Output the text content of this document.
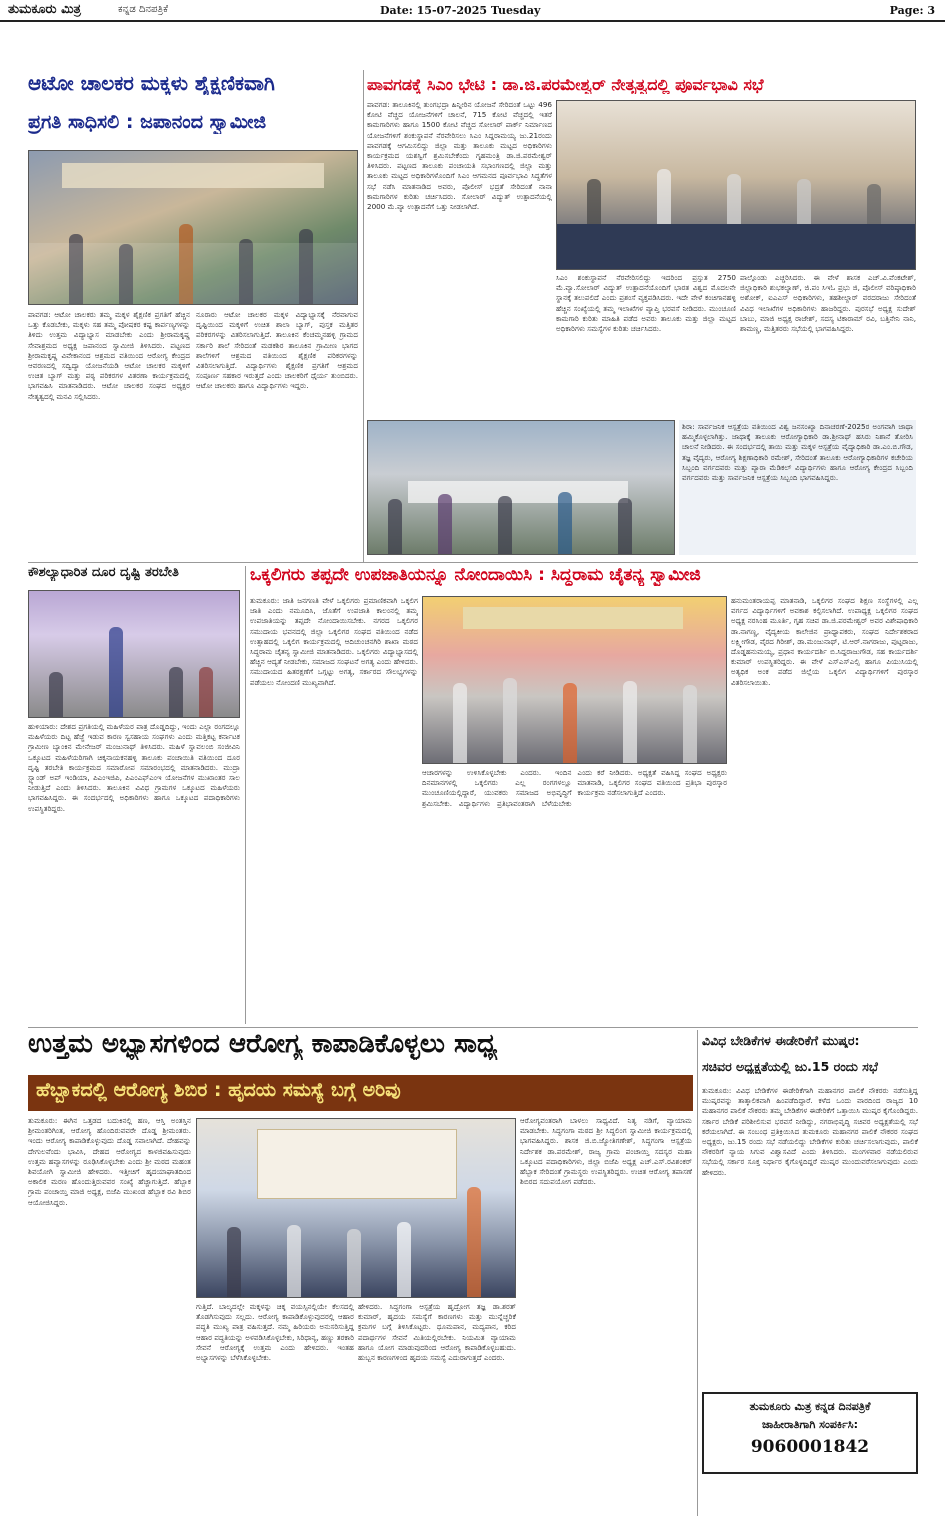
ತುಮಕೂರು ಮಿತ್ರ	ಕನ್ನಡ ದಿನಪತ್ರಿಕೆ	Date: 15-07-2025 Tuesday	Page: 3
ಆಟೋ ಚಾಲಕರ ಮಕ್ಕಳು ಶೈಕ್ಷಣಿಕವಾಗಿ
ಪ್ರಗತಿ ಸಾಧಿಸಲಿ : ಜಪಾನಂದ ಸ್ವಾಮೀಜಿ
ಪಾವಗಡ: ಆಟೋ ಚಾಲಕರು ತಮ್ಮ ಮಕ್ಕಳ ಶೈಕ್ಷಣಿಕ ಪ್ರಗತಿಗೆ ಹೆಚ್ಚಿನ ಒತ್ತು ಕೊಡಬೇಕು, ಮಕ್ಕಳು ಸಹ ತಮ್ಮ ಪೋಷಕರ ಕಷ್ಟ ಕಾರ್ಪಣ್ಯಗಳನ್ನು ತಿಳಿದು ಉತ್ತಮ ವಿದ್ಯಾಭ್ಯಾಸ ಮಾಡಬೇಕು ಎಂದು ಶ್ರೀರಾಮಕೃಷ್ಣ ಸೇವಾಶ್ರಮದ ಅಧ್ಯಕ್ಷ ಜಪಾನಂದ ಸ್ವಾಮೀಜಿ ತಿಳಿಸಿದರು. ಪಟ್ಟಣದ ಶ್ರೀರಾಮಕೃಷ್ಣ ವಿವೇಕಾನಂದ ಆಶ್ರಮದ ವತಿಯಿಂದ ಆರೋಗ್ಯ ಕೇಂದ್ರದ ಆವರಣದಲ್ಲಿ ಸದ್ವಿದ್ಯಾ ಯೋಜನೆಯಡಿ ಆಟೋ ಚಾಲಕರ ಮಕ್ಕಳಿಗೆ ಉಚಿತ ಬ್ಯಾಗ್ ಮತ್ತು ಪಠ್ಯ ಪರಿಕರಗಳ ವಿತರಣಾ ಕಾರ್ಯಕ್ರಮದಲ್ಲಿ ಭಾಗವಹಿಸಿ ಮಾತನಾಡಿದರು. ಆಟೋ ಚಾಲಕರ ಸಂಘದ ಅಧ್ಯಕ್ಷರ ನೇತೃತ್ವದಲ್ಲಿ ಮನವಿ ಸಲ್ಲಿಸಿದರು.
ನೂರಾರು ಆಟೋ ಚಾಲಕರ ಮಕ್ಕಳ ವಿದ್ಯಾಭ್ಯಾಸಕ್ಕೆ ನೆರವಾಗುವ ದೃಷ್ಟಿಯಿಂದ ಮಕ್ಕಳಿಗೆ ಉಚಿತ ಶಾಲಾ ಬ್ಯಾಗ್, ಪುಸ್ತಕ ಮತ್ತಿತರ ಪರಿಕರಗಳನ್ನು ವಿತರಿಸಲಾಗುತ್ತಿದೆ. ತಾಲೂಕಿನ ಕೆಂಚಮ್ಮನಹಳ್ಳಿ ಗ್ರಾಮದ ಸರ್ಕಾರಿ ಶಾಲೆ ಸೇರಿದಂತೆ ಮಡಕಶಿರ ತಾಲೂಕಿನ ಗ್ರಾಮೀಣ ಭಾಗದ ಶಾಲೆಗಳಿಗೆ ಆಶ್ರಮದ ವತಿಯಿಂದ ಶೈಕ್ಷಣಿಕ ಪರಿಕರಗಳನ್ನು ವಿತರಿಸಲಾಗುತ್ತಿದೆ. ವಿದ್ಯಾರ್ಥಿಗಳು ಶೈಕ್ಷಣಿಕ ಪ್ರಗತಿಗೆ ಆಶ್ರಮದ ಸಂಪೂರ್ಣ ಸಹಕಾರ ಇರುತ್ತದೆ ಎಂದು ಚಾಲಕರಿಗೆ ಧೈರ್ಯ ತುಂಬಿದರು. ಆಟೋ ಚಾಲಕರು ಹಾಗೂ ವಿದ್ಯಾರ್ಥಿಗಳು ಇದ್ದರು.
ಪಾವಗಡಕ್ಕೆ ಸಿಎಂ ಭೇಟಿ : ಡಾ.ಜಿ.ಪರಮೇಶ್ವರ್ ನೇತೃತ್ವದಲ್ಲಿ ಪೂರ್ವಭಾವಿ ಸಭೆ
ಪಾವಗಡ: ತಾಲೂಕಿನಲ್ಲಿ ತುಂಗಭದ್ರಾ ಹಿನ್ನೀರಿನ ಯೋಜನೆ ಸೇರಿದಂತೆ ಒಟ್ಟು 496 ಕೋಟಿ ವೆಚ್ಚದ ಯೋಜನೆಗಳಿಗೆ ಚಾಲನೆ, 715 ಕೋಟಿ ವೆಚ್ಚದಲ್ಲಿ ಇತರೆ ಕಾಮಗಾರಿಗಳು ಹಾಗೂ 1500 ಕೋಟಿ ವೆಚ್ಚದ ಸೋಲಾರ್ ಪಾರ್ಕ್ ನಿರ್ಮಾಣದ ಯೋಜನೆಗಳಿಗೆ ಶಂಕುಸ್ಥಾಪನೆ ನೆರವೇರಿಸಲು ಸಿಎಂ ಸಿದ್ದರಾಮಯ್ಯ ಜು.21ರಂದು ಪಾವಗಡಕ್ಕೆ ಆಗಮಿಸಲಿದ್ದು ಜಿಲ್ಲಾ ಮತ್ತು ತಾಲೂಕು ಮಟ್ಟದ ಅಧಿಕಾರಿಗಳು ಕಾರ್ಯಕ್ರಮದ ಯಶಸ್ವಿಗೆ ಶ್ರಮಿಸಬೇಕೆಂದು ಗೃಹಮಂತ್ರಿ ಡಾ.ಜಿ.ಪರಮೇಶ್ವರ್ ತಿಳಿಸಿದರು. ಪಟ್ಟಣದ ತಾಲೂಕು ಪಂಚಾಯತಿ ಸಭಾಂಗಣದಲ್ಲಿ ಜಿಲ್ಲಾ ಮತ್ತು ತಾಲೂಕು ಮಟ್ಟದ ಅಧಿಕಾರಿಗಳೊಂದಿಗೆ ಸಿಎಂ ಆಗಮನದ ಪೂರ್ವಭಾವಿ ಸಿದ್ಧತೆಗಳ ಸಭೆ ನಡೆಸಿ ಮಾತನಾಡಿದ ಅವರು, ಪೊಲೀಸ್ ಭದ್ರತೆ ಸೇರಿದಂತೆ ನಾನಾ ಕಾಮಗಾರಿಗಳ ಕುರಿತು ಚರ್ಚಿಸಿದರು. ಸೋಲಾರ್ ವಿದ್ಯುತ್ ಉತ್ಪಾದನೆಯಲ್ಲಿ 2000 ಮೆ.ವ್ಯಾ ಉತ್ಪಾದನೆಗೆ ಒತ್ತು ನೀಡಲಾಗಿದೆ.
ಸಿಎಂ ಶಂಕುಸ್ಥಾಪನೆ ನೆರವೇರಿಸಲಿದ್ದು ಇದರಿಂದ ಪ್ರಸ್ತುತ 2750 ಮೆ.ವ್ಯಾ.ಸೋಲಾರ್ ವಿದ್ಯುತ್ ಉತ್ಪಾದನೆಯೊಂದಿಗೆ ಭಾರತ ವಿಶ್ವದ ಮೊದಲನೇ ಸ್ಥಾನಕ್ಕೆ ತಲುಪಲಿದೆ ಎಂದು ಪ್ರಶಂಸೆ ವ್ಯಕ್ತಪಡಿಸಿದರು. ಇದೇ ವೇಳೆ ಕಂಚಿಗಾನಹಳ್ಳಿ ಹೆಚ್ಚಿನ ಸಂಖ್ಯೆಯಲ್ಲಿ ತಮ್ಮ ಇಲಾಖೆಗಳ ವ್ಯಾಪ್ತಿ ಭರವಸೆ ನೀಡಿದರು. ಮುಂಚೂಣಿ ಕಾಮಗಾರಿ ಕುರಿತು ಮಾಹಿತಿ ಪಡೆದ ಅವರು ತಾಲೂಕು ಮತ್ತು ಜಿಲ್ಲಾ ಮಟ್ಟದ ಅಧಿಕಾರಿಗಳು ಸಮಸ್ಯೆಗಳ ಕುರಿತು ಚರ್ಚಿಸಿದರು.
ಪಾಲ್ಗೊಂಡು ಎಚ್ಚರಿಸಿದರು. ಈ ವೇಳೆ ಶಾಸಕ ಎಚ್.ವಿ.ವೆಂಕಟೇಶ್, ಜಿಲ್ಲಾಧಿಕಾರಿ ಶುಭಕಲ್ಯಾಣ್, ಜಿ.ಪಂ ಸಿಇಓ ಪ್ರಭು ಜಿ, ಪೊಲೀಸ್ ವರಿಷ್ಠಾಧಿಕಾರಿ ಅಶೋಕ್, ಐಎಎಸ್ ಅಧಿಕಾರಿಗಳು, ತಹಶೀಲ್ದಾರ್ ವರದರಾಜು ಸೇರಿದಂತೆ ವಿವಿಧ ಇಲಾಖೆಗಳ ಅಧಿಕಾರಿಗಳು ಹಾಜರಿದ್ದರು. ಪುರಸಭೆ ಅಧ್ಯಕ್ಷ ಸುದೇಶ್ ಬಾಬು, ಮಾಜಿ ಅಧ್ಯಕ್ಷ ರಾಜೇಶ್, ಸದಸ್ಯ ಟಿಕಾರಾಮ್ ರವಿ, ಬತ್ತಿನೇನಿ ನಾನಿ, ಶಾಮಣ್ಣ, ಮತ್ತಿತರರು ಸಭೆಯಲ್ಲಿ ಭಾಗವಹಿಸಿದ್ದರು.
ಶಿರಾ: ಸಾರ್ವಜನಿಕ ಆಸ್ಪತ್ರೆಯ ವತಿಯಿಂದ ವಿಶ್ವ ಜನಸಂಖ್ಯಾ ದಿನಾಚರಣೆ-2025ರ ಅಂಗವಾಗಿ ಜಾಥಾ ಹಮ್ಮಿಕೊಳ್ಳಲಾಗಿತ್ತು. ಜಾಥಾಕ್ಕೆ ತಾಲೂಕು ಆರೋಗ್ಯಾಧಿಕಾರಿ ಡಾ.ಶ್ರೀನಾಥ್ ಹಸಿರು ನಿಶಾನೆ ತೋರಿಸಿ ಚಾಲನೆ ನೀಡಿದರು. ಈ ಸಂದರ್ಭದಲ್ಲಿ ತಾಯಿ ಮತ್ತು ಮಕ್ಕಳ ಆಸ್ಪತ್ರೆಯ ವೈದ್ಯಾಧಿಕಾರಿ ಡಾ.ಎಂ.ಬಿ.ಗೌಡ, ತಜ್ಞ ವೈದ್ಯರು, ಆರೋಗ್ಯ ಶಿಕ್ಷಣಾಧಿಕಾರಿ ರಮೇಶ್, ಸೇರಿದಂತೆ ತಾಲೂಕು ಆರೋಗ್ಯಾಧಿಕಾರಿಗಳ ಕಚೇರಿಯ ಸಿಬ್ಬಂದಿ ವರ್ಗದವರು ಮತ್ತು ಪ್ಯಾರಾ ಮೆಡಿಕಲ್ ವಿದ್ಯಾರ್ಥಿಗಳು ಹಾಗೂ ಆರೋಗ್ಯ ಕೇಂದ್ರದ ಸಿಬ್ಬಂದಿ ವರ್ಗದವರು ಮತ್ತು ಸಾರ್ವಜನಿಕ ಆಸ್ಪತ್ರೆಯ ಸಿಬ್ಬಂದಿ ಭಾಗವಹಿಸಿದ್ದರು.
ಕೌಶಲ್ಯಾಧಾರಿತ ದೂರ ದೃಷ್ಟಿ ತರಬೇತಿ
ಹುಳಿಯಾರು: ದೇಶದ ಪ್ರಗತಿಯಲ್ಲಿ ಮಹಿಳೆಯರ ಪಾತ್ರ ದೊಡ್ಡದಿದ್ದು, ಇಂದು ಎಲ್ಲಾ ರಂಗದಲ್ಲೂ ಮಹಿಳೆಯರು ದಿಟ್ಟ ಹೆಜ್ಜೆ ಇಡುವ ಕಾರಣ ಸ್ವಸಹಾಯ ಸಂಘಗಳು ಎಂದು ಮತ್ತಿಕಟ್ಟ ಕರ್ನಾಟಕ ಗ್ರಾಮೀಣ ಬ್ಯಾಂಕಿನ ಮೇನೇಜರ್ ಮಂಜುನಾಥ್ ತಿಳಿಸಿದರು. ಮಹಿಳೆ ಸ್ವಾವಲಂಬಿ ಸಂಜೀವಿನಿ ಒಕ್ಕೂಟದ ಮಹಿಳೆಯರಿಗಾಗಿ ಚಿಕ್ಕನಾಯಕನಹಳ್ಳಿ ತಾಲೂಕು ಪಂಚಾಯಿತಿ ವತಿಯಿಂದ ದೂರ ದೃಷ್ಟಿ ತರಬೇತಿ ಕಾರ್ಯಕ್ರಮದ ಸಮಾರೋಪ ಸಮಾರಂಭದಲ್ಲಿ ಮಾತನಾಡಿದರು. ಮುದ್ರಾ ಸ್ಟ್ಯಾಂಡ್ ಅಪ್ ಇಂಡಿಯಾ, ಪಿಎಂಇಜಿಪಿ, ಪಿಎಂಎಫ್ಎಂಇ ಯೋಜನೆಗಳ ಮುಖಾಂತರ ಸಾಲ ನೀಡುತ್ತಿದೆ ಎಂದು ತಿಳಿಸಿದರು. ತಾಲೂಕಿನ ವಿವಿಧ ಗ್ರಾಮಗಳ ಒಕ್ಕೂಟದ ಮಹಿಳೆಯರು ಭಾಗವಹಿಸಿದ್ದರು. ಈ ಸಂದರ್ಭದಲ್ಲಿ ಅಧಿಕಾರಿಗಳು ಹಾಗೂ ಒಕ್ಕೂಟದ ಪದಾಧಿಕಾರಿಗಳು ಉಪಸ್ಥಿತರಿದ್ದರು.
ಒಕ್ಕಲಿಗರು ತಪ್ಪದೇ ಉಪಜಾತಿಯನ್ನೂ ನೋಂದಾಯಿಸಿ : ಸಿದ್ಧರಾಮ ಚೈತನ್ಯ ಸ್ವಾಮೀಜಿ
ತುಮಕೂರು: ಜಾತಿ ಜನಗಣತಿ ವೇಳೆ ಒಕ್ಕಲಿಗರು ಪ್ರಮಾಣಿಕವಾಗಿ ಒಕ್ಕಲಿಗ ಜಾತಿ ಎಂದು ನಮೂದಿಸಿ, ಜೊತೆಗೆ ಉಪಜಾತಿ ಕಾಲಂನಲ್ಲಿ ತಮ್ಮ ಉಪಜಾತಿಯನ್ನು ತಪ್ಪದೇ ನೋಂದಾಯಿಸಬೇಕು. ನಗರದ ಒಕ್ಕಲಿಗರ ಸಮುದಾಯ ಭವನದಲ್ಲಿ ಜಿಲ್ಲಾ ಒಕ್ಕಲಿಗರ ಸಂಘದ ವತಿಯಿಂದ ನಡೆದ ಉತ್ಸಾಹದಲ್ಲಿ ಒಕ್ಕಲಿಗ ಕಾರ್ಯಕ್ರಮದಲ್ಲಿ ಆದಿಚುಂಚನಗಿರಿ ಶಾಖಾ ಮಠದ ಸಿದ್ಧರಾಮ ಚೈತನ್ಯ ಸ್ವಾಮೀಜಿ ಮಾತನಾಡಿದರು. ಒಕ್ಕಲಿಗರು ವಿದ್ಯಾಭ್ಯಾಸದಲ್ಲಿ ಹೆಚ್ಚಿನ ಆದ್ಯತೆ ನೀಡಬೇಕು, ಸಮಾಜದ ಸಂಘಟನೆ ಅಗತ್ಯ ಎಂದು ಹೇಳಿದರು. ಸಮುದಾಯದ ಹಿತರಕ್ಷಣೆಗೆ ಒಗ್ಗಟ್ಟು ಅಗತ್ಯ, ಸರ್ಕಾರದ ಸೌಲಭ್ಯಗಳನ್ನು ಪಡೆಯಲು ನೋಂದಣಿ ಮುಖ್ಯವಾಗಿದೆ.
ಆಚಾರಗಳನ್ನು ಉಳಿಸಿಕೊಳ್ಳಬೇಕು ಎಂದರು. ಇಂದಿನ ದಿನಮಾನಗಳಲ್ಲಿ ಒಕ್ಕಲಿಗರು ಎಲ್ಲ ರಂಗಗಳಲ್ಲೂ ಮುಂಚೂಣಿಯಲ್ಲಿದ್ದಾರೆ, ಯುವಕರು ಸಮಾಜದ ಅಭಿವೃದ್ಧಿಗೆ ಶ್ರಮಿಸಬೇಕು. ವಿದ್ಯಾರ್ಥಿಗಳು ಪ್ರತಿಭಾವಂತರಾಗಿ ಬೆಳೆಯಬೇಕು ಎಂದು ಕರೆ ನೀಡಿದರು. ಅಧ್ಯಕ್ಷತೆ ವಹಿಸಿದ್ದ ಸಂಘದ ಅಧ್ಯಕ್ಷರು ಮಾತನಾಡಿ, ಒಕ್ಕಲಿಗರ ಸಂಘದ ವತಿಯಿಂದ ಪ್ರತಿಭಾ ಪುರಸ್ಕಾರ ಕಾರ್ಯಕ್ರಮ ನಡೆಸಲಾಗುತ್ತಿದೆ ಎಂದರು.
ಹನುಮಂತರಾಯಪ್ಪ ಮಾತನಾಡಿ, ಒಕ್ಕಲಿಗರ ಸಂಘದ ಶಿಕ್ಷಣ ಸಂಸ್ಥೆಗಳಲ್ಲಿ ಎಲ್ಲ ವರ್ಗದ ವಿದ್ಯಾರ್ಥಿಗಳಿಗೆ ಅವಕಾಶ ಕಲ್ಪಿಸಲಾಗಿದೆ. ಉಪಾಧ್ಯಕ್ಷ ಒಕ್ಕಲಿಗರ ಸಂಘದ ಅಧ್ಯಕ್ಷ ನರಸಿಂಹ ಮೂರ್ತಿ, ಗೃಹ ಸಚಿವ ಡಾ.ಜಿ.ಪರಮೇಶ್ವರ್ ಅವರ ವಿಶೇಷಾಧಿಕಾರಿ ಡಾ.ನಾಗಣ್ಣ, ವೈದ್ಯಕೀಯ ಕಾಲೇಜಿನ ಪ್ರಾಧ್ಯಾಪಕರು, ಸಂಘದ ನಿರ್ದೇಶಕರಾದ ಲಕ್ಷ್ಮೀಗೌಡ, ವೈರದ ಗಿರೀಶ್, ಡಾ.ಮಂಜುನಾಥ್, ಟಿ.ಆರ್.ನಾಗರಾಜು, ಪುಟ್ಟರಾಜು, ದೊಡ್ಡಹನುಮಯ್ಯ, ಪ್ರಧಾನ ಕಾರ್ಯದರ್ಶಿ ಬಿ.ಸಿದ್ದರಾಜುಗೌಡ, ಸಹ ಕಾರ್ಯದರ್ಶಿ ಕುಮಾರ್ ಉಪಸ್ಥಿತರಿದ್ದರು. ಈ ವೇಳೆ ಎಸ್ಎಸ್ಎಲ್ಸಿ ಹಾಗೂ ಪಿಯುಸಿಯಲ್ಲಿ ಅತ್ಯಧಿಕ ಅಂಕ ಪಡೆದ ಜಿಲ್ಲೆಯ ಒಕ್ಕಲಿಗ ವಿದ್ಯಾರ್ಥಿಗಳಿಗೆ ಪುರಸ್ಕಾರ ವಿತರಿಸಲಾಯಿತು.
ಉತ್ತಮ ಅಭ್ಯಾಸಗಳಿಂದ ಆರೋಗ್ಯ ಕಾಪಾಡಿಕೊಳ್ಳಲು ಸಾಧ್ಯ
ಹೆಬ್ಬಾಕದಲ್ಲಿ ಆರೋಗ್ಯ ಶಿಬಿರ : ಹೃದಯ ಸಮಸ್ಯೆ ಬಗ್ಗೆ ಅರಿವು
ತುಮಕೂರು: ಈಗಿನ ಒತ್ತಡದ ಬದುಕಿನಲ್ಲಿ ಹಣ, ಆಸ್ತಿ ಅಂತಸ್ತಿನ ಶ್ರೀಮಂತರಿಗಿಂತ, ಆರೋಗ್ಯ ಹೊಂದಿರುವವರೇ ದೊಡ್ಡ ಶ್ರೀಮಂತರು. ಇಂದು ಆರೋಗ್ಯ ಕಾಪಾಡಿಕೊಳ್ಳುವುದು ದೊಡ್ಡ ಸವಾಲಾಗಿದೆ. ದೇಹವನ್ನು ದೇಗುಲವೆಂದು ಭಾವಿಸಿ, ದೇಹದ ಆರೋಗ್ಯದ ಕಾಳಜಿವಹಿಸುವುದು ಉತ್ತಮ ಹವ್ಯಾಸಗಳನ್ನು ರೂಢಿಸಿಕೊಳ್ಳಬೇಕು ಎಂದು ಶ್ರೀ ಮಠದ ಮಹಂತ ಶಿವಯೋಗಿ ಸ್ವಾಮೀಜಿ ಹೇಳಿದರು. ಇತ್ತೀಚಿಗೆ ಹೃದಯಾಘಾತದಿಂದ ಅಕಾಲಿಕ ಮರಣ ಹೊಂದುತ್ತಿರುವವರ ಸಂಖ್ಯೆ ಹೆಚ್ಚಾಗುತ್ತಿದೆ. ಹೆಬ್ಬಾಕ ಗ್ರಾಮ ಪಂಚಾಯ್ತಿ ಮಾಜಿ ಅಧ್ಯಕ್ಷ, ಬಿಜೆಪಿ ಮುಖಂಡ ಹೆಬ್ಬಾಕ ರವಿ ಶಿಬಿರ ಆಯೋಜಿಸಿದ್ದರು.
ಗುತ್ತಿದೆ. ಬಾಲ್ಯದಲ್ಲೇ ಮಕ್ಕಳನ್ನು ಚಿಕ್ಕ ವಯಸ್ಸಿನಲ್ಲಿಯೇ ಕೆಲಸದಲ್ಲಿ ತೊಡಗಿಸುವುದು ಸಲ್ಲದು. ಆರೋಗ್ಯ ಕಾಪಾಡಿಕೊಳ್ಳುವುದರಲ್ಲಿ ಆಹಾರ ಪದ್ಧತಿ ಮುಖ್ಯ ಪಾತ್ರ ವಹಿಸುತ್ತದೆ. ನಮ್ಮ ಹಿರಿಯರು ಅನುಸರಿಸುತ್ತಿದ್ದ ಆಹಾರ ಪದ್ಧತಿಯನ್ನು ಅಳವಡಿಸಿಕೊಳ್ಳಬೇಕು, ಸಿರಿಧಾನ್ಯ, ಹಣ್ಣು ತರಕಾರಿ ಸೇವನೆ ಆರೋಗ್ಯಕ್ಕೆ ಉತ್ತಮ ಎಂದು ಹೇಳಿದರು. ಇಂತಹ ಅಭ್ಯಾಸಗಳನ್ನು ಬೆಳೆಸಿಕೊಳ್ಳಬೇಕು.
ಹೇಳಿದರು. ಸಿದ್ಧಗಂಗಾ ಆಸ್ಪತ್ರೆಯ ಹೃದ್ರೋಗ ತಜ್ಞ ಡಾ.ಶರತ್ ಕುಮಾರ್, ಹೃದಯ ಸಮಸ್ಯೆಗೆ ಕಾರಣಗಳು ಮತ್ತು ಮುನ್ನೆಚ್ಚರಿಕೆ ಕ್ರಮಗಳ ಬಗ್ಗೆ ತಿಳಿಸಿಕೊಟ್ಟರು. ಧೂಮಪಾನ, ಮದ್ಯಪಾನ, ಕರಿದ ಪದಾರ್ಥಗಳ ಸೇವನೆ ಮಿತಿಯಲ್ಲಿರಬೇಕು. ನಿಯಮಿತ ವ್ಯಾಯಾಮ ಹಾಗೂ ಯೋಗ ಮಾಡುವುದರಿಂದ ಆರೋಗ್ಯ ಕಾಪಾಡಿಕೊಳ್ಳಬಹುದು. ಹುಬ್ಬನ ಕಾರಣಗಳಿಂದ ಹೃದಯ ಸಮಸ್ಯೆ ಎದುರಾಗುತ್ತದೆ ಎಂದರು.
ಆರೋಗ್ಯವಂತರಾಗಿ ಬಾಳಲು ಸಾಧ್ಯವಿದೆ. ನಿತ್ಯ ನಡಿಗೆ, ವ್ಯಾಯಾಮ ಮಾಡಬೇಕು. ಸಿದ್ಧಗಂಗಾ ಮಠದ ಶ್ರೀ ಸಿದ್ಧಲಿಂಗ ಸ್ವಾಮೀಜಿ ಕಾರ್ಯಕ್ರಮದಲ್ಲಿ ಭಾಗವಹಿಸಿದ್ದರು. ಶಾಸಕ ಜಿ.ಬಿ.ಜ್ಯೋತಿಗಣೇಶ್, ಸಿದ್ಧಗಂಗಾ ಆಸ್ಪತ್ರೆಯ ನಿರ್ದೇಶಕ ಡಾ.ಪರಮೇಶ್, ರಾಜ್ಯ ಗ್ರಾಮ ಪಂಚಾಯ್ತಿ ಸದಸ್ಯರ ಮಹಾ ಒಕ್ಕೂಟದ ಪದಾಧಿಕಾರಿಗಳು, ಜಿಲ್ಲಾ ಬಿಜೆಪಿ ಅಧ್ಯಕ್ಷ ಎಚ್.ಎಸ್.ರವಿಶಂಕರ್ ಹೆಬ್ಬಾಕ ಸೇರಿದಂತೆ ಗ್ರಾಮಸ್ಥರು ಉಪಸ್ಥಿತರಿದ್ದರು. ಉಚಿತ ಆರೋಗ್ಯ ತಪಾಸಣೆ ಶಿಬಿರದ ಸದುಪಯೋಗ ಪಡೆದರು.
ವಿವಿಧ ಬೇಡಿಕೆಗಳ ಈಡೇರಿಕೆಗೆ ಮುಷ್ಕರ:
ಸಚಿವರ ಅಧ್ಯಕ್ಷತೆಯಲ್ಲಿ ಜು.15 ರಂದು ಸಭೆ
ತುಮಕೂರು: ವಿವಿಧ ಬೇಡಿಕೆಗಳ ಈಡೇರಿಕೆಗಾಗಿ ಮಹಾನಗರ ಪಾಲಿಕೆ ನೌಕರರು ನಡೆಸುತ್ತಿದ್ದ ಮುಷ್ಕರವನ್ನು ತಾತ್ಕಾಲಿಕವಾಗಿ ಹಿಂಪಡೆದಿದ್ದಾರೆ. ಕಳೆದ ಒಂದು ವಾರದಿಂದ ರಾಜ್ಯದ 10 ಮಹಾನಗರ ಪಾಲಿಕೆ ನೌಕರರು ತಮ್ಮ ಬೇಡಿಕೆಗಳ ಈಡೇರಿಕೆಗೆ ಒತ್ತಾಯಿಸಿ ಮುಷ್ಕರ ಕೈಗೊಂಡಿದ್ದರು. ಸರ್ಕಾರ ಬೇಡಿಕೆ ಪರಿಶೀಲಿಸುವ ಭರವಸೆ ನೀಡಿದ್ದು, ನಗರಾಭಿವೃದ್ಧಿ ಸಚಿವರ ಅಧ್ಯಕ್ಷತೆಯಲ್ಲಿ ಸಭೆ ಕರೆಯಲಾಗಿದೆ. ಈ ಸಂಬಂಧ ಪ್ರತಿಕ್ರಿಯಿಸಿದ ತುಮಕೂರು ಮಹಾನಗರ ಪಾಲಿಕೆ ನೌಕರರ ಸಂಘದ ಅಧ್ಯಕ್ಷರು, ಜು.15 ರಂದು ಸಭೆ ನಡೆಯಲಿದ್ದು ಬೇಡಿಕೆಗಳ ಕುರಿತು ಚರ್ಚಿಸಲಾಗುವುದು, ಪಾಲಿಕೆ ನೌಕರರಿಗೆ ನ್ಯಾಯ ಸಿಗುವ ವಿಶ್ವಾಸವಿದೆ ಎಂದು ತಿಳಿಸಿದರು. ಮಂಗಳವಾರ ನಡೆಯಲಿರುವ ಸಭೆಯಲ್ಲಿ ಸರ್ಕಾರ ಸೂಕ್ತ ನಿರ್ಧಾರ ಕೈಗೊಳ್ಳದಿದ್ದರೆ ಮುಷ್ಕರ ಮುಂದುವರೆಸಲಾಗುವುದು ಎಂದು ಹೇಳಿದರು.
ತುಮಕೂರು ಮಿತ್ರ ಕನ್ನಡ ದಿನಪತ್ರಿಕೆ
ಜಾಹೀರಾತಿಗಾಗಿ ಸಂಪರ್ಕಿಸಿ:
9060001842
